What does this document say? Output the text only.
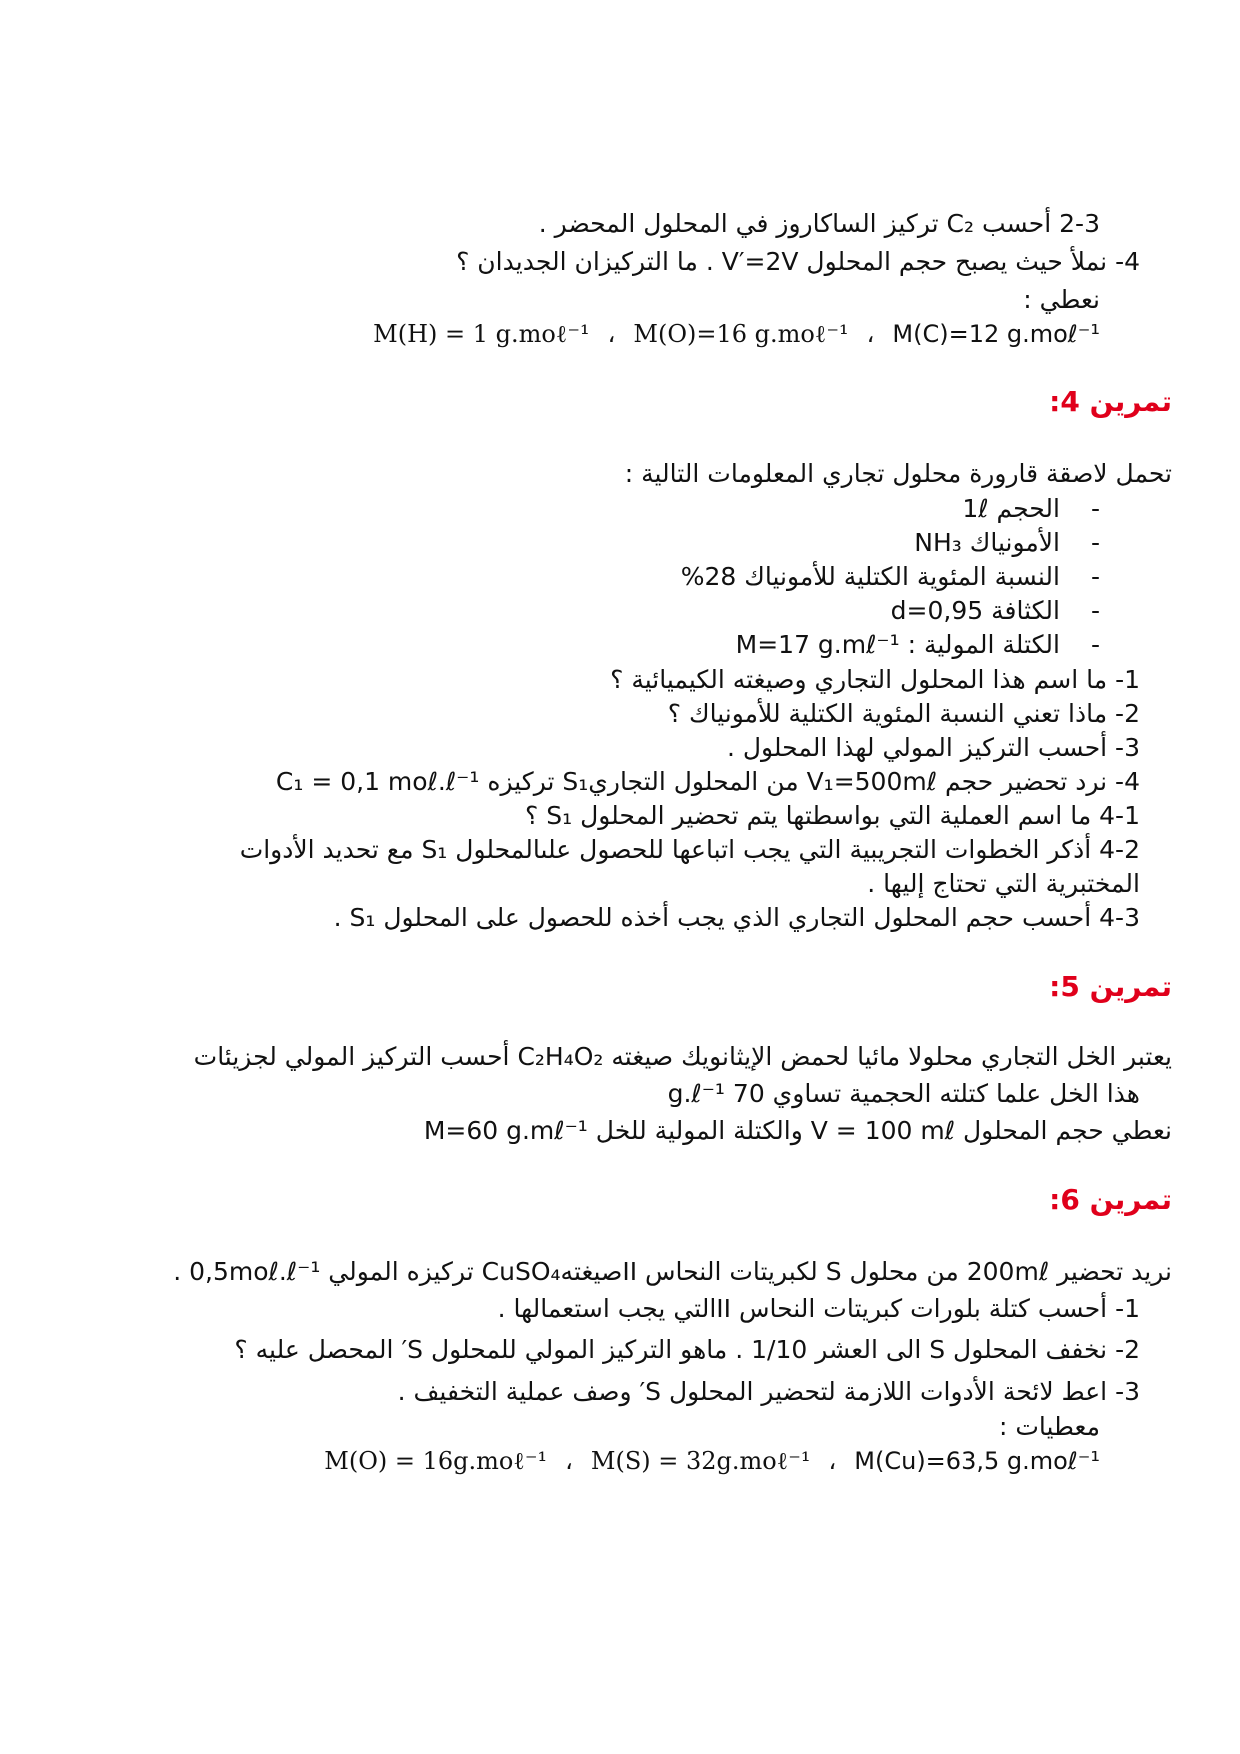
2-3 أحسب C₂ تركيز الساكاروز في المحلول المحضر .
4- نملأ حيث يصبح حجم المحلول V′=2V . ما التركيزان الجديدان ؟
نعطي :
M(H) = 1 g.moℓ⁻¹ ، M(O)=16 g.moℓ⁻¹ ، M(C)=12 g.moℓ⁻¹
تمرين 4:
تحمل لاصقة قارورة محلول تجاري المعلومات التالية :
-الحجم 1ℓ
-الأمونياك NH₃
-النسبة المئوية الكتلية للأمونياك 28%
-الكثافة d=0,95
-الكتلة المولية : M=17 g.mℓ⁻¹
1- ما اسم هذا المحلول التجاري وصيغته الكيميائية ؟
2- ماذا تعني النسبة المئوية الكتلية للأمونياك ؟
3- أحسب التركيز المولي لهذا المحلول .
4- نرد تحضير حجم V₁=500mℓ من المحلول التجاريS₁ تركيزه C₁ = 0,1 moℓ.ℓ⁻¹
4-1 ما اسم العملية التي بواسطتها يتم تحضير المحلول S₁ ؟
4-2 أذكر الخطوات التجريبية التي يجب اتباعها للحصول علىالمحلول S₁ مع تحديد الأدوات
المختبرية التي تحتاج إليها .
4-3 أحسب حجم المحلول التجاري الذي يجب أخذه للحصول على المحلول S₁ .
تمرين 5:
يعتبر الخل التجاري محلولا مائيا لحمض الإيثانويك صيغته C₂H₄O₂ أحسب التركيز المولي لجزيئات
هذا الخل علما كتلته الحجمية تساوي 70 g.ℓ⁻¹
نعطي حجم المحلول V = 100 mℓ والكتلة المولية للخل M=60 g.mℓ⁻¹
تمرين 6:
نريد تحضير 200mℓ من محلول S لكبريتات النحاس IIصيغتهCuSO₄ تركيزه المولي 0,5moℓ.ℓ⁻¹ .
1- أحسب كتلة بلورات كبريتات النحاس IIالتي يجب استعمالها .
2- نخفف المحلول S الى العشر 1/10 . ماهو التركيز المولي للمحلول S′ المحصل عليه ؟
3- اعط لائحة الأدوات اللازمة لتحضير المحلول S′ وصف عملية التخفيف .
معطيات :
M(O) = 16g.moℓ⁻¹ ، M(S) = 32g.moℓ⁻¹ ، M(Cu)=63,5 g.moℓ⁻¹
